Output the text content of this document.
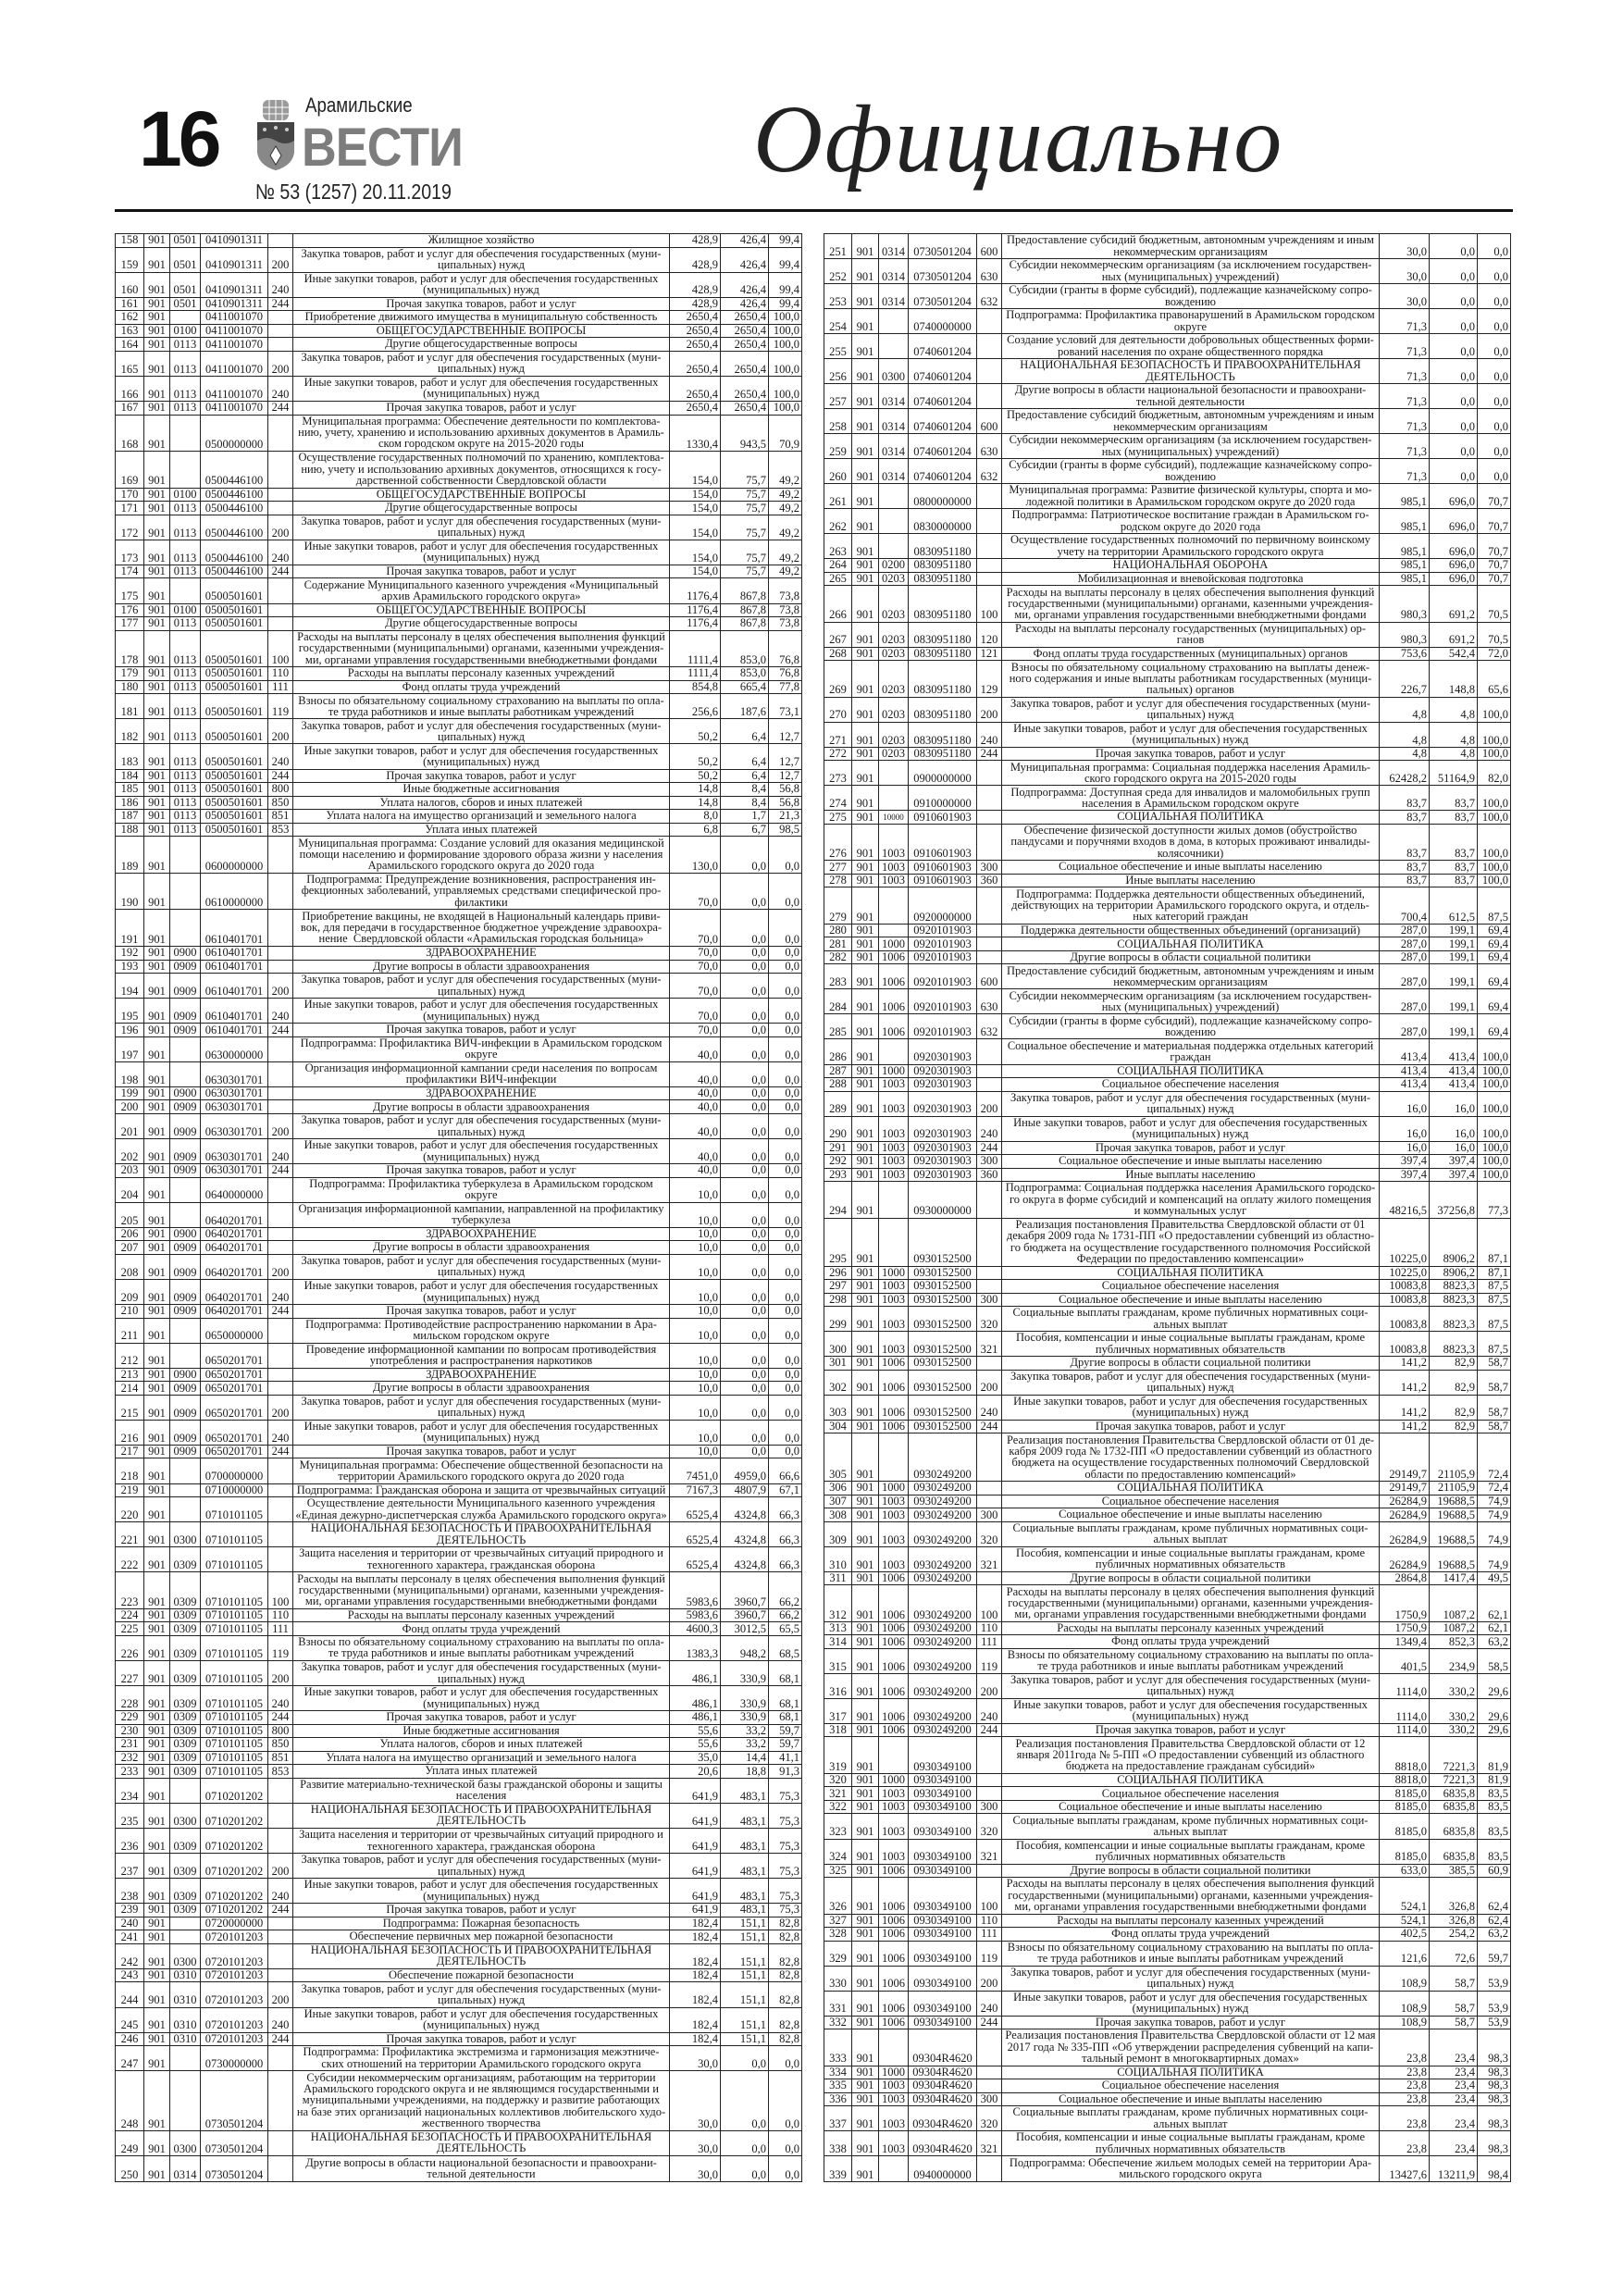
16	Арамильские
ВЕСТИ
№ 53 (1257) 20.11.2019	Официально
158	901	0501	0410901311		Жилищное хозяйство	428,9	426,4	99,4
159	901	0501	0410901311	200	Закупка товаров, работ и услуг для обеспечения государственных (муни-
ципальных) нужд	428,9	426,4	99,4
160	901	0501	0410901311	240	Иные закупки товаров, работ и услуг для обеспечения государственных
(муниципальных) нужд	428,9	426,4	99,4
161	901	0501	0410901311	244	Прочая закупка товаров, работ и услуг	428,9	426,4	99,4
162	901		0411001070		Приобретение движимого имущества в муниципальную собственность	2650,4	2650,4	100,0
163	901	0100	0411001070		ОБЩЕГОСУДАРСТВЕННЫЕ ВОПРОСЫ	2650,4	2650,4	100,0
164	901	0113	0411001070		Другие общегосударственные вопросы	2650,4	2650,4	100,0
165	901	0113	0411001070	200	Закупка товаров, работ и услуг для обеспечения государственных (муни-
ципальных) нужд	2650,4	2650,4	100,0
166	901	0113	0411001070	240	Иные закупки товаров, работ и услуг для обеспечения государственных
(муниципальных) нужд	2650,4	2650,4	100,0
167	901	0113	0411001070	244	Прочая закупка товаров, работ и услуг	2650,4	2650,4	100,0
168	901		0500000000		Муниципальная программа: Обеспечение деятельности по комплектова-
нию, учету, хранению и использованию архивных документов в Арамиль-
ском городском округе на 2015-2020 годы	1330,4	943,5	70,9
169	901		0500446100		Осуществление государственных полномочий по хранению, комплектова-
нию, учету и использованию архивных документов, относящихся к госу-
дарственной собственности Свердловской области	154,0	75,7	49,2
170	901	0100	0500446100		ОБЩЕГОСУДАРСТВЕННЫЕ ВОПРОСЫ	154,0	75,7	49,2
171	901	0113	0500446100		Другие общегосударственные вопросы	154,0	75,7	49,2
172	901	0113	0500446100	200	Закупка товаров, работ и услуг для обеспечения государственных (муни-
ципальных) нужд	154,0	75,7	49,2
173	901	0113	0500446100	240	Иные закупки товаров, работ и услуг для обеспечения государственных
(муниципальных) нужд	154,0	75,7	49,2
174	901	0113	0500446100	244	Прочая закупка товаров, работ и услуг	154,0	75,7	49,2
175	901		0500501601		Содержание Муниципального казенного учреждения «Муниципальный
архив Арамильского городского округа»	1176,4	867,8	73,8
176	901	0100	0500501601		ОБЩЕГОСУДАРСТВЕННЫЕ ВОПРОСЫ	1176,4	867,8	73,8
177	901	0113	0500501601		Другие общегосударственные вопросы	1176,4	867,8	73,8
178	901	0113	0500501601	100	Расходы на выплаты персоналу в целях обеспечения выполнения функций
государственными (муниципальными) органами, казенными учреждения-
ми, органами управления государственными внебюджетными фондами	1111,4	853,0	76,8
179	901	0113	0500501601	110	Расходы на выплаты персоналу казенных учреждений	1111,4	853,0	76,8
180	901	0113	0500501601	111	Фонд оплаты труда учреждений	854,8	665,4	77,8
181	901	0113	0500501601	119	Взносы по обязательному социальному страхованию на выплаты по опла-
те труда работников и иные выплаты работникам учреждений	256,6	187,6	73,1
182	901	0113	0500501601	200	Закупка товаров, работ и услуг для обеспечения государственных (муни-
ципальных) нужд	50,2	6,4	12,7
183	901	0113	0500501601	240	Иные закупки товаров, работ и услуг для обеспечения государственных
(муниципальных) нужд	50,2	6,4	12,7
184	901	0113	0500501601	244	Прочая закупка товаров, работ и услуг	50,2	6,4	12,7
185	901	0113	0500501601	800	Иные бюджетные ассигнования	14,8	8,4	56,8
186	901	0113	0500501601	850	Уплата налогов, сборов и иных платежей	14,8	8,4	56,8
187	901	0113	0500501601	851	Уплата налога на имущество организаций и земельного налога	8,0	1,7	21,3
188	901	0113	0500501601	853	Уплата иных платежей	6,8	6,7	98,5
189	901		0600000000		Муниципальная программа: Создание условий для оказания медицинской
помощи населению и формирование здорового образа жизни у населения
Арамильского городского округа до 2020 года	130,0	0,0	0,0
190	901		0610000000		Подпрограмма: Предупреждение возникновения, распространения ин-
фекционных заболеваний, управляемых средствами специфической про-
филактики	70,0	0,0	0,0
191	901		0610401701		Приобретение вакцины, не входящей в Национальный календарь приви-
вок, для передачи в государственное бюджетное учреждение здравоохра-
нение  Свердловской области «Арамильская городская больница»	70,0	0,0	0,0
192	901	0900	0610401701		ЗДРАВООХРАНЕНИЕ	70,0	0,0	0,0
193	901	0909	0610401701		Другие вопросы в области здравоохранения	70,0	0,0	0,0
194	901	0909	0610401701	200	Закупка товаров, работ и услуг для обеспечения государственных (муни-
ципальных) нужд	70,0	0,0	0,0
195	901	0909	0610401701	240	Иные закупки товаров, работ и услуг для обеспечения государственных
(муниципальных) нужд	70,0	0,0	0,0
196	901	0909	0610401701	244	Прочая закупка товаров, работ и услуг	70,0	0,0	0,0
197	901		0630000000		Подпрограмма: Профилактика ВИЧ-инфекции в Арамильском городском
округе	40,0	0,0	0,0
198	901		0630301701		Организация информационной кампании среди населения по вопросам
профилактики ВИЧ-инфекции	40,0	0,0	0,0
199	901	0900	0630301701		ЗДРАВООХРАНЕНИЕ	40,0	0,0	0,0
200	901	0909	0630301701		Другие вопросы в области здравоохранения	40,0	0,0	0,0
201	901	0909	0630301701	200	Закупка товаров, работ и услуг для обеспечения государственных (муни-
ципальных) нужд	40,0	0,0	0,0
202	901	0909	0630301701	240	Иные закупки товаров, работ и услуг для обеспечения государственных
(муниципальных) нужд	40,0	0,0	0,0
203	901	0909	0630301701	244	Прочая закупка товаров, работ и услуг	40,0	0,0	0,0
204	901		0640000000		Подпрограмма: Профилактика туберкулеза в Арамильском городском
округе	10,0	0,0	0,0
205	901		0640201701		Организация информационной кампании, направленной на профилактику
туберкулеза	10,0	0,0	0,0
206	901	0900	0640201701		ЗДРАВООХРАНЕНИЕ	10,0	0,0	0,0
207	901	0909	0640201701		Другие вопросы в области здравоохранения	10,0	0,0	0,0
208	901	0909	0640201701	200	Закупка товаров, работ и услуг для обеспечения государственных (муни-
ципальных) нужд	10,0	0,0	0,0
209	901	0909	0640201701	240	Иные закупки товаров, работ и услуг для обеспечения государственных
(муниципальных) нужд	10,0	0,0	0,0
210	901	0909	0640201701	244	Прочая закупка товаров, работ и услуг	10,0	0,0	0,0
211	901		0650000000		Подпрограмма: Противодействие распространению наркомании в Ара-
мильском городском округе	10,0	0,0	0,0
212	901		0650201701		Проведение информационной кампании по вопросам противодействия
употребления и распространения наркотиков	10,0	0,0	0,0
213	901	0900	0650201701		ЗДРАВООХРАНЕНИЕ	10,0	0,0	0,0
214	901	0909	0650201701		Другие вопросы в области здравоохранения	10,0	0,0	0,0
215	901	0909	0650201701	200	Закупка товаров, работ и услуг для обеспечения государственных (муни-
ципальных) нужд	10,0	0,0	0,0
216	901	0909	0650201701	240	Иные закупки товаров, работ и услуг для обеспечения государственных
(муниципальных) нужд	10,0	0,0	0,0
217	901	0909	0650201701	244	Прочая закупка товаров, работ и услуг	10,0	0,0	0,0
218	901		0700000000		Муниципальная программа: Обеспечение общественной безопасности на
территории Арамильского городского округа до 2020 года	7451,0	4959,0	66,6
219	901		0710000000		Подпрограмма: Гражданская оборона и защита от чрезвычайных ситуаций	7167,3	4807,9	67,1
220	901		0710101105		Осуществление деятельности Муниципального казенного учреждения
«Единая дежурно-диспетчерская служба Арамильского городского округа»	6525,4	4324,8	66,3
221	901	0300	0710101105		НАЦИОНАЛЬНАЯ БЕЗОПАСНОСТЬ И ПРАВООХРАНИТЕЛЬНАЯ
ДЕЯТЕЛЬНОСТЬ	6525,4	4324,8	66,3
222	901	0309	0710101105		Защита населения и территории от чрезвычайных ситуаций природного и
техногенного характера, гражданская оборона	6525,4	4324,8	66,3
223	901	0309	0710101105	100	Расходы на выплаты персоналу в целях обеспечения выполнения функций
государственными (муниципальными) органами, казенными учреждения-
ми, органами управления государственными внебюджетными фондами	5983,6	3960,7	66,2
224	901	0309	0710101105	110	Расходы на выплаты персоналу казенных учреждений	5983,6	3960,7	66,2
225	901	0309	0710101105	111	Фонд оплаты труда учреждений	4600,3	3012,5	65,5
226	901	0309	0710101105	119	Взносы по обязательному социальному страхованию на выплаты по опла-
те труда работников и иные выплаты работникам учреждений	1383,3	948,2	68,5
227	901	0309	0710101105	200	Закупка товаров, работ и услуг для обеспечения государственных (муни-
ципальных) нужд	486,1	330,9	68,1
228	901	0309	0710101105	240	Иные закупки товаров, работ и услуг для обеспечения государственных
(муниципальных) нужд	486,1	330,9	68,1
229	901	0309	0710101105	244	Прочая закупка товаров, работ и услуг	486,1	330,9	68,1
230	901	0309	0710101105	800	Иные бюджетные ассигнования	55,6	33,2	59,7
231	901	0309	0710101105	850	Уплата налогов, сборов и иных платежей	55,6	33,2	59,7
232	901	0309	0710101105	851	Уплата налога на имущество организаций и земельного налога	35,0	14,4	41,1
233	901	0309	0710101105	853	Уплата иных платежей	20,6	18,8	91,3
234	901		0710201202		Развитие материально-технической базы гражданской обороны и защиты
населения	641,9	483,1	75,3
235	901	0300	0710201202		НАЦИОНАЛЬНАЯ БЕЗОПАСНОСТЬ И ПРАВООХРАНИТЕЛЬНАЯ
ДЕЯТЕЛЬНОСТЬ	641,9	483,1	75,3
236	901	0309	0710201202		Защита населения и территории от чрезвычайных ситуаций природного и
техногенного характера, гражданская оборона	641,9	483,1	75,3
237	901	0309	0710201202	200	Закупка товаров, работ и услуг для обеспечения государственных (муни-
ципальных) нужд	641,9	483,1	75,3
238	901	0309	0710201202	240	Иные закупки товаров, работ и услуг для обеспечения государственных
(муниципальных) нужд	641,9	483,1	75,3
239	901	0309	0710201202	244	Прочая закупка товаров, работ и услуг	641,9	483,1	75,3
240	901		0720000000		Подпрограмма: Пожарная безопасность	182,4	151,1	82,8
241	901		0720101203		Обеспечение первичных мер пожарной безопасности	182,4	151,1	82,8
242	901	0300	0720101203		НАЦИОНАЛЬНАЯ БЕЗОПАСНОСТЬ И ПРАВООХРАНИТЕЛЬНАЯ
ДЕЯТЕЛЬНОСТЬ	182,4	151,1	82,8
243	901	0310	0720101203		Обеспечение пожарной безопасности	182,4	151,1	82,8
244	901	0310	0720101203	200	Закупка товаров, работ и услуг для обеспечения государственных (муни-
ципальных) нужд	182,4	151,1	82,8
245	901	0310	0720101203	240	Иные закупки товаров, работ и услуг для обеспечения государственных
(муниципальных) нужд	182,4	151,1	82,8
246	901	0310	0720101203	244	Прочая закупка товаров, работ и услуг	182,4	151,1	82,8
247	901		0730000000		Подпрограмма: Профилактика экстремизма и гармонизация межэтниче-
ских отношений на территории Арамильского городского округа	30,0	0,0	0,0
248	901		0730501204		Субсидии некоммерческим организациям, работающим на территории
Арамильского городского округа и не являющимся государственными и
муниципальными учреждениями, на поддержку и развитие работающих
на базе этих организаций национальных коллективов любительского худо-
жественного творчества	30,0	0,0	0,0
249	901	0300	0730501204		НАЦИОНАЛЬНАЯ БЕЗОПАСНОСТЬ И ПРАВООХРАНИТЕЛЬНАЯ
ДЕЯТЕЛЬНОСТЬ	30,0	0,0	0,0
250	901	0314	0730501204		Другие вопросы в области национальной безопасности и правоохрани-
тельной деятельности	30,0	0,0	0,0
251	901	0314	0730501204	600	Предоставление субсидий бюджетным, автономным учреждениям и иным
некоммерческим организациям	30,0	0,0	0,0
252	901	0314	0730501204	630	Субсидии некоммерческим организациям (за исключением государствен-
ных (муниципальных) учреждений)	30,0	0,0	0,0
253	901	0314	0730501204	632	Субсидии (гранты в форме субсидий), подлежащие казначейскому сопро-
вождению	30,0	0,0	0,0
254	901		0740000000		Подпрограмма: Профилактика правонарушений в Арамильском городском
округе	71,3	0,0	0,0
255	901		0740601204		Создание условий для деятельности добровольных общественных форми-
рований населения по охране общественного порядка	71,3	0,0	0,0
256	901	0300	0740601204		НАЦИОНАЛЬНАЯ БЕЗОПАСНОСТЬ И ПРАВООХРАНИТЕЛЬНАЯ
ДЕЯТЕЛЬНОСТЬ	71,3	0,0	0,0
257	901	0314	0740601204		Другие вопросы в области национальной безопасности и правоохрани-
тельной деятельности	71,3	0,0	0,0
258	901	0314	0740601204	600	Предоставление субсидий бюджетным, автономным учреждениям и иным
некоммерческим организациям	71,3	0,0	0,0
259	901	0314	0740601204	630	Субсидии некоммерческим организациям (за исключением государствен-
ных (муниципальных) учреждений)	71,3	0,0	0,0
260	901	0314	0740601204	632	Субсидии (гранты в форме субсидий), подлежащие казначейскому сопро-
вождению	71,3	0,0	0,0
261	901		0800000000		Муниципальная программа: Развитие физической культуры, спорта и мо-
лодежной политики в Арамильском городском округе до 2020 года	985,1	696,0	70,7
262	901		0830000000		Подпрограмма: Патриотическое воспитание граждан в Арамильском го-
родском округе до 2020 года	985,1	696,0	70,7
263	901		0830951180		Осуществление государственных полномочий по первичному воинскому
учету на территории Арамильского городского округа	985,1	696,0	70,7
264	901	0200	0830951180		НАЦИОНАЛЬНАЯ ОБОРОНА	985,1	696,0	70,7
265	901	0203	0830951180		Мобилизационная и вневойсковая подготовка	985,1	696,0	70,7
266	901	0203	0830951180	100	Расходы на выплаты персоналу в целях обеспечения выполнения функций
государственными (муниципальными) органами, казенными учреждения-
ми, органами управления государственными внебюджетными фондами	980,3	691,2	70,5
267	901	0203	0830951180	120	Расходы на выплаты персоналу государственных (муниципальных) ор-
ганов	980,3	691,2	70,5
268	901	0203	0830951180	121	Фонд оплаты труда государственных (муниципальных) органов	753,6	542,4	72,0
269	901	0203	0830951180	129	Взносы по обязательному социальному страхованию на выплаты денеж-
ного содержания и иные выплаты работникам государственных (муници-
пальных) органов	226,7	148,8	65,6
270	901	0203	0830951180	200	Закупка товаров, работ и услуг для обеспечения государственных (муни-
ципальных) нужд	4,8	4,8	100,0
271	901	0203	0830951180	240	Иные закупки товаров, работ и услуг для обеспечения государственных
(муниципальных) нужд	4,8	4,8	100,0
272	901	0203	0830951180	244	Прочая закупка товаров, работ и услуг	4,8	4,8	100,0
273	901		0900000000		Муниципальная программа: Социальная поддержка населения Арамиль-
ского городского округа на 2015-2020 годы	62428,2	51164,9	82,0
274	901		0910000000		Подпрограмма: Доступная среда для инвалидов и маломобильных групп
населения в Арамильском городском округе	83,7	83,7	100,0
275	901	10000	0910601903		СОЦИАЛЬНАЯ ПОЛИТИКА	83,7	83,7	100,0
276	901	1003	0910601903		Обеспечение физической доступности жилых домов (обустройство
пандусами и поручнями входов в дома, в которых проживают инвалиды-
колясочники)	83,7	83,7	100,0
277	901	1003	0910601903	300	Социальное обеспечение и иные выплаты населению	83,7	83,7	100,0
278	901	1003	0910601903	360	Иные выплаты населению	83,7	83,7	100,0
279	901		0920000000		Подпрограмма: Поддержка деятельности общественных объединений,
действующих на территории Арамильского городского округа, и отдель-
ных категорий граждан	700,4	612,5	87,5
280	901		0920101903		Поддержка деятельности общественных объединений (организаций)	287,0	199,1	69,4
281	901	1000	0920101903		СОЦИАЛЬНАЯ ПОЛИТИКА	287,0	199,1	69,4
282	901	1006	0920101903		Другие вопросы в области социальной политики	287,0	199,1	69,4
283	901	1006	0920101903	600	Предоставление субсидий бюджетным, автономным учреждениям и иным
некоммерческим организациям	287,0	199,1	69,4
284	901	1006	0920101903	630	Субсидии некоммерческим организациям (за исключением государствен-
ных (муниципальных) учреждений)	287,0	199,1	69,4
285	901	1006	0920101903	632	Субсидии (гранты в форме субсидий), подлежащие казначейскому сопро-
вождению	287,0	199,1	69,4
286	901		0920301903		Социальное обеспечение и материальная поддержка отдельных категорий
граждан	413,4	413,4	100,0
287	901	1000	0920301903		СОЦИАЛЬНАЯ ПОЛИТИКА	413,4	413,4	100,0
288	901	1003	0920301903		Социальное обеспечение населения	413,4	413,4	100,0
289	901	1003	0920301903	200	Закупка товаров, работ и услуг для обеспечения государственных (муни-
ципальных) нужд	16,0	16,0	100,0
290	901	1003	0920301903	240	Иные закупки товаров, работ и услуг для обеспечения государственных
(муниципальных) нужд	16,0	16,0	100,0
291	901	1003	0920301903	244	Прочая закупка товаров, работ и услуг	16,0	16,0	100,0
292	901	1003	0920301903	300	Социальное обеспечение и иные выплаты населению	397,4	397,4	100,0
293	901	1003	0920301903	360	Иные выплаты населению	397,4	397,4	100,0
294	901		0930000000		Подпрограмма: Социальная поддержка населения Арамильского городско-
го округа в форме субсидий и компенсаций на оплату жилого помещения
и коммунальных услуг	48216,5	37256,8	77,3
295	901		0930152500		Реализация постановления Правительства Свердловской области от 01
декабря 2009 года № 1731-ПП «О предоставлении субвенций из областно-
го бюджета на осуществление государственного полномочия Российской
Федерации по предоставлению компенсации»	10225,0	8906,2	87,1
296	901	1000	0930152500		СОЦИАЛЬНАЯ ПОЛИТИКА	10225,0	8906,2	87,1
297	901	1003	0930152500		Социальное обеспечение населения	10083,8	8823,3	87,5
298	901	1003	0930152500	300	Социальное обеспечение и иные выплаты населению	10083,8	8823,3	87,5
299	901	1003	0930152500	320	Социальные выплаты гражданам, кроме публичных нормативных соци-
альных выплат	10083,8	8823,3	87,5
300	901	1003	0930152500	321	Пособия, компенсации и иные социальные выплаты гражданам, кроме
публичных нормативных обязательств	10083,8	8823,3	87,5
301	901	1006	0930152500		Другие вопросы в области социальной политики	141,2	82,9	58,7
302	901	1006	0930152500	200	Закупка товаров, работ и услуг для обеспечения государственных (муни-
ципальных) нужд	141,2	82,9	58,7
303	901	1006	0930152500	240	Иные закупки товаров, работ и услуг для обеспечения государственных
(муниципальных) нужд	141,2	82,9	58,7
304	901	1006	0930152500	244	Прочая закупка товаров, работ и услуг	141,2	82,9	58,7
305	901		0930249200		Реализация постановления Правительства Свердловской области от 01 де-
кабря 2009 года № 1732-ПП «О предоставлении субвенций из областного
бюджета на осуществление государственных полномочий Свердловской
области по предоставлению компенсаций»	29149,7	21105,9	72,4
306	901	1000	0930249200		СОЦИАЛЬНАЯ ПОЛИТИКА	29149,7	21105,9	72,4
307	901	1003	0930249200		Социальное обеспечение населения	26284,9	19688,5	74,9
308	901	1003	0930249200	300	Социальное обеспечение и иные выплаты населению	26284,9	19688,5	74,9
309	901	1003	0930249200	320	Социальные выплаты гражданам, кроме публичных нормативных соци-
альных выплат	26284,9	19688,5	74,9
310	901	1003	0930249200	321	Пособия, компенсации и иные социальные выплаты гражданам, кроме
публичных нормативных обязательств	26284,9	19688,5	74,9
311	901	1006	0930249200		Другие вопросы в области социальной политики	2864,8	1417,4	49,5
312	901	1006	0930249200	100	Расходы на выплаты персоналу в целях обеспечения выполнения функций
государственными (муниципальными) органами, казенными учреждения-
ми, органами управления государственными внебюджетными фондами	1750,9	1087,2	62,1
313	901	1006	0930249200	110	Расходы на выплаты персоналу казенных учреждений	1750,9	1087,2	62,1
314	901	1006	0930249200	111	Фонд оплаты труда учреждений	1349,4	852,3	63,2
315	901	1006	0930249200	119	Взносы по обязательному социальному страхованию на выплаты по опла-
те труда работников и иные выплаты работникам учреждений	401,5	234,9	58,5
316	901	1006	0930249200	200	Закупка товаров, работ и услуг для обеспечения государственных (муни-
ципальных) нужд	1114,0	330,2	29,6
317	901	1006	0930249200	240	Иные закупки товаров, работ и услуг для обеспечения государственных
(муниципальных) нужд	1114,0	330,2	29,6
318	901	1006	0930249200	244	Прочая закупка товаров, работ и услуг	1114,0	330,2	29,6
319	901		0930349100		Реализация постановления Правительства Свердловской области от 12
января 2011года № 5-ПП «О предоставлении субвенций из областного
бюджета на предоставление гражданам субсидий»	8818,0	7221,3	81,9
320	901	1000	0930349100		СОЦИАЛЬНАЯ ПОЛИТИКА	8818,0	7221,3	81,9
321	901	1003	0930349100		Социальное обеспечение населения	8185,0	6835,8	83,5
322	901	1003	0930349100	300	Социальное обеспечение и иные выплаты населению	8185,0	6835,8	83,5
323	901	1003	0930349100	320	Социальные выплаты гражданам, кроме публичных нормативных соци-
альных выплат	8185,0	6835,8	83,5
324	901	1003	0930349100	321	Пособия, компенсации и иные социальные выплаты гражданам, кроме
публичных нормативных обязательств	8185,0	6835,8	83,5
325	901	1006	0930349100		Другие вопросы в области социальной политики	633,0	385,5	60,9
326	901	1006	0930349100	100	Расходы на выплаты персоналу в целях обеспечения выполнения функций
государственными (муниципальными) органами, казенными учреждения-
ми, органами управления государственными внебюджетными фондами	524,1	326,8	62,4
327	901	1006	0930349100	110	Расходы на выплаты персоналу казенных учреждений	524,1	326,8	62,4
328	901	1006	0930349100	111	Фонд оплаты труда учреждений	402,5	254,2	63,2
329	901	1006	0930349100	119	Взносы по обязательному социальному страхованию на выплаты по опла-
те труда работников и иные выплаты работникам учреждений	121,6	72,6	59,7
330	901	1006	0930349100	200	Закупка товаров, работ и услуг для обеспечения государственных (муни-
ципальных) нужд	108,9	58,7	53,9
331	901	1006	0930349100	240	Иные закупки товаров, работ и услуг для обеспечения государственных
(муниципальных) нужд	108,9	58,7	53,9
332	901	1006	0930349100	244	Прочая закупка товаров, работ и услуг	108,9	58,7	53,9
333	901		09304R4620		Реализация постановления Правительства Свердловской области от 12 мая
2017 года № 335-ПП «Об утверждении распределения субвенций на капи-
тальный ремонт в многоквартирных домах»	23,8	23,4	98,3
334	901	1000	09304R4620		СОЦИАЛЬНАЯ ПОЛИТИКА	23,8	23,4	98,3
335	901	1003	09304R4620		Социальное обеспечение населения	23,8	23,4	98,3
336	901	1003	09304R4620	300	Социальное обеспечение и иные выплаты населению	23,8	23,4	98,3
337	901	1003	09304R4620	320	Социальные выплаты гражданам, кроме публичных нормативных соци-
альных выплат	23,8	23,4	98,3
338	901	1003	09304R4620	321	Пособия, компенсации и иные социальные выплаты гражданам, кроме
публичных нормативных обязательств	23,8	23,4	98,3
339	901		0940000000		Подпрограмма: Обеспечение жильем молодых семей на территории Ара-
мильского городского округа	13427,6	13211,9	98,4
